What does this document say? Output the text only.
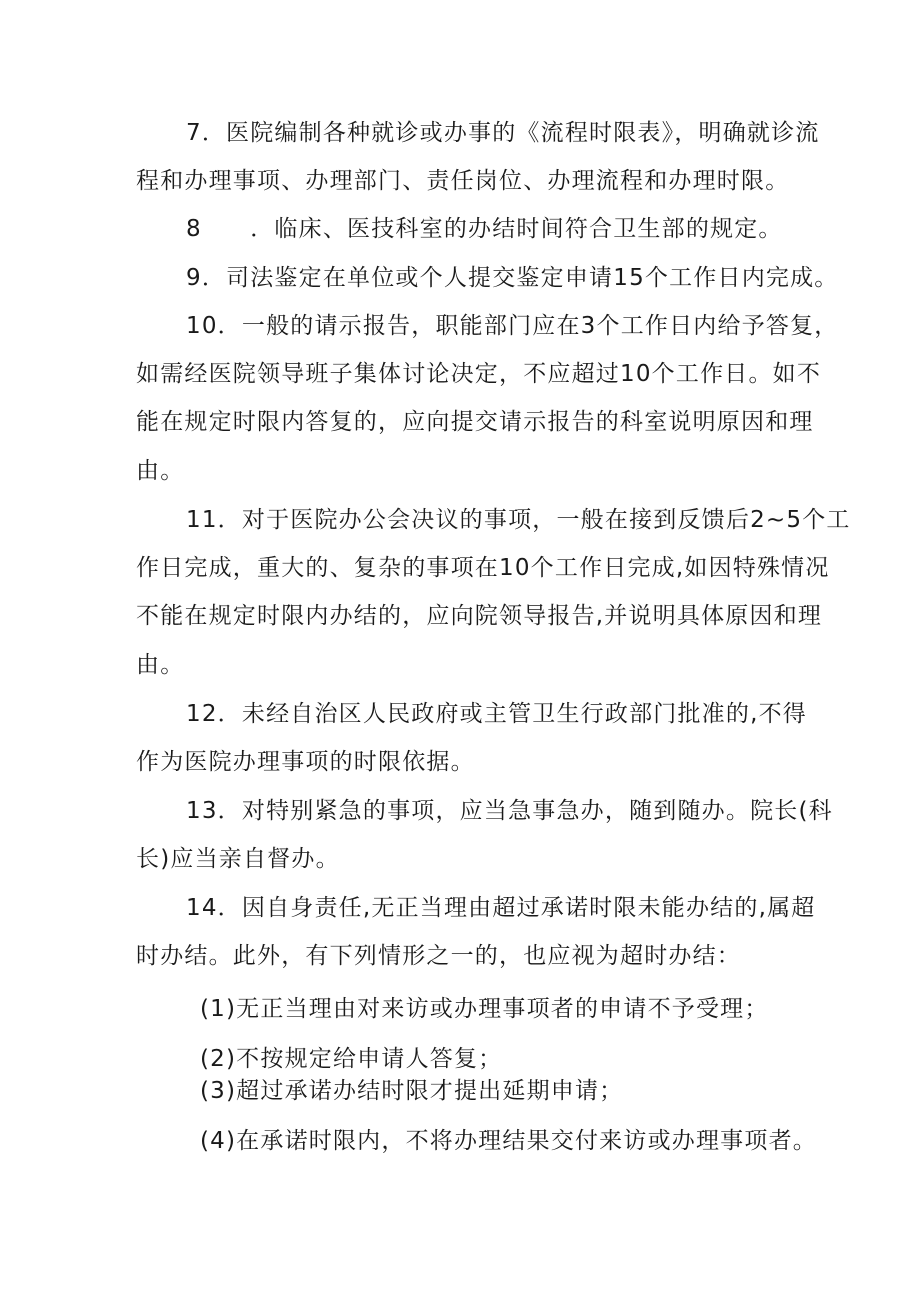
7．医院编制各种就诊或办事的《流程时限表》，明确就诊流
程和办理事项、办理部门、责任岗位、办理流程和办理时限。
8　　．临床、医技科室的办结时间符合卫生部的规定。
9．司法鉴定在单位或个人提交鉴定申请15个工作日内完成。
10．一般的请示报告，职能部门应在3个工作日内给予答复，
如需经医院领导班子集体讨论决定，不应超过10个工作日。如不
能在规定时限内答复的，应向提交请示报告的科室说明原因和理
由。
11．对于医院办公会决议的事项，一般在接到反馈后2~5个工
作日完成，重大的、复杂的事项在10个工作日完成,如因特殊情况
不能在规定时限内办结的，应向院领导报告,并说明具体原因和理
由。
12．未经自治区人民政府或主管卫生行政部门批准的,不得
作为医院办理事项的时限依据。
13．对特别紧急的事项，应当急事急办，随到随办。院长(科
长)应当亲自督办。
14．因自身责任,无正当理由超过承诺时限未能办结的,属超
时办结。此外，有下列情形之一的，也应视为超时办结：
(1)无正当理由对来访或办理事项者的申请不予受理；
(2)不按规定给申请人答复；
(3)超过承诺办结时限才提出延期申请；
(4)在承诺时限内，不将办理结果交付来访或办理事项者。
